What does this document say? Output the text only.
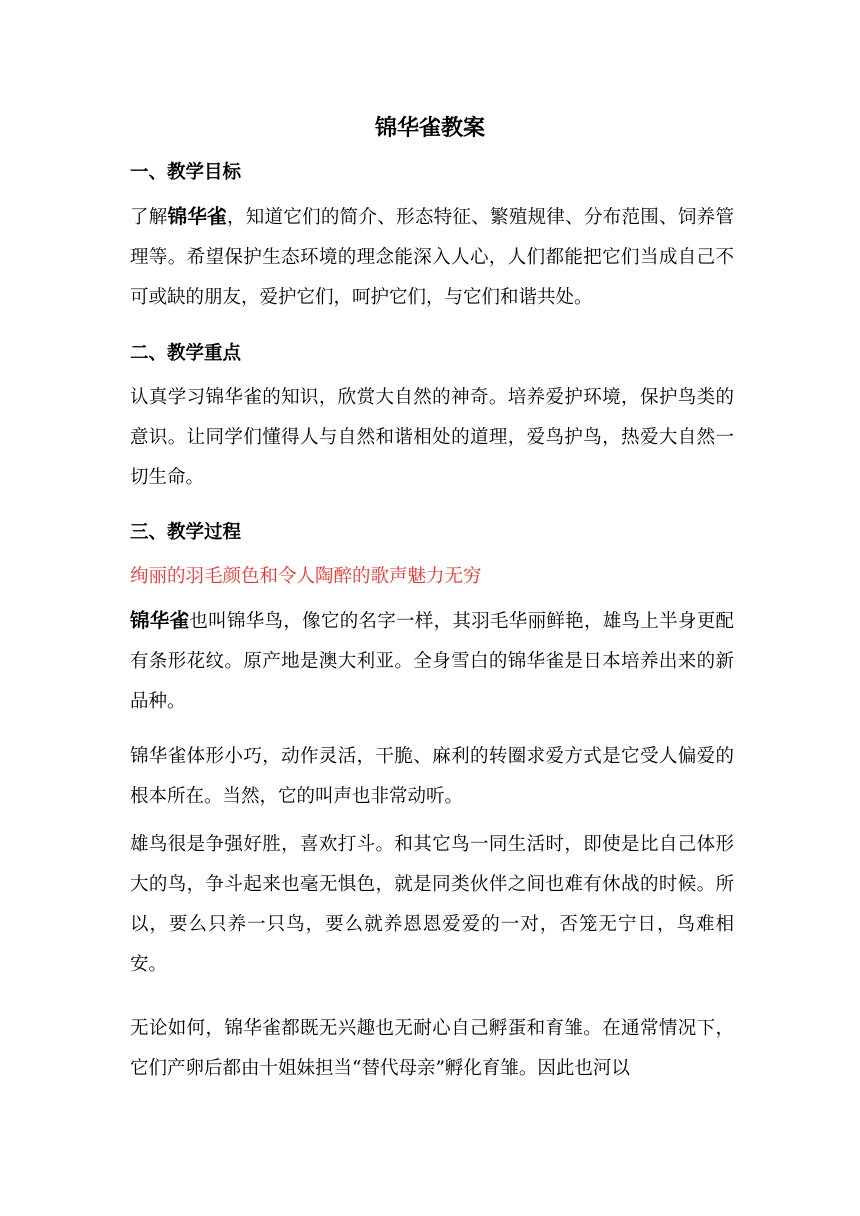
锦华雀教案
一、教学目标
了解锦华雀，知道它们的简介、形态特征、繁殖规律、分布范围、饲养管理等。希望保护生态环境的理念能深入人心，人们都能把它们当成自己不可或缺的朋友，爱护它们，呵护它们，与它们和谐共处。
二、教学重点
认真学习锦华雀的知识，欣赏大自然的神奇。培养爱护环境，保护鸟类的意识。让同学们懂得人与自然和谐相处的道理，爱鸟护鸟，热爱大自然一切生命。
三、教学过程
绚丽的羽毛颜色和令人陶醉的歌声魅力无穷
锦华雀也叫锦华鸟，像它的名字一样，其羽毛华丽鲜艳，雄鸟上半身更配有条形花纹。原产地是澳大利亚。全身雪白的锦华雀是日本培养出来的新品种。
锦华雀体形小巧，动作灵活，干脆、麻利的转圈求爱方式是它受人偏爱的根本所在。当然，它的叫声也非常动听。
雄鸟很是争强好胜，喜欢打斗。和其它鸟一同生活时，即使是比自己体形大的鸟，争斗起来也毫无惧色，就是同类伙伴之间也难有休战的时候。所以，要么只养一只鸟，要么就养恩恩爱爱的一对，否笼无宁日，鸟难相安。
无论如何，锦华雀都既无兴趣也无耐心自己孵蛋和育雏。在通常情况下，它们产卵后都由十姐妹担当“替代母亲”孵化育雏。因此也河以
